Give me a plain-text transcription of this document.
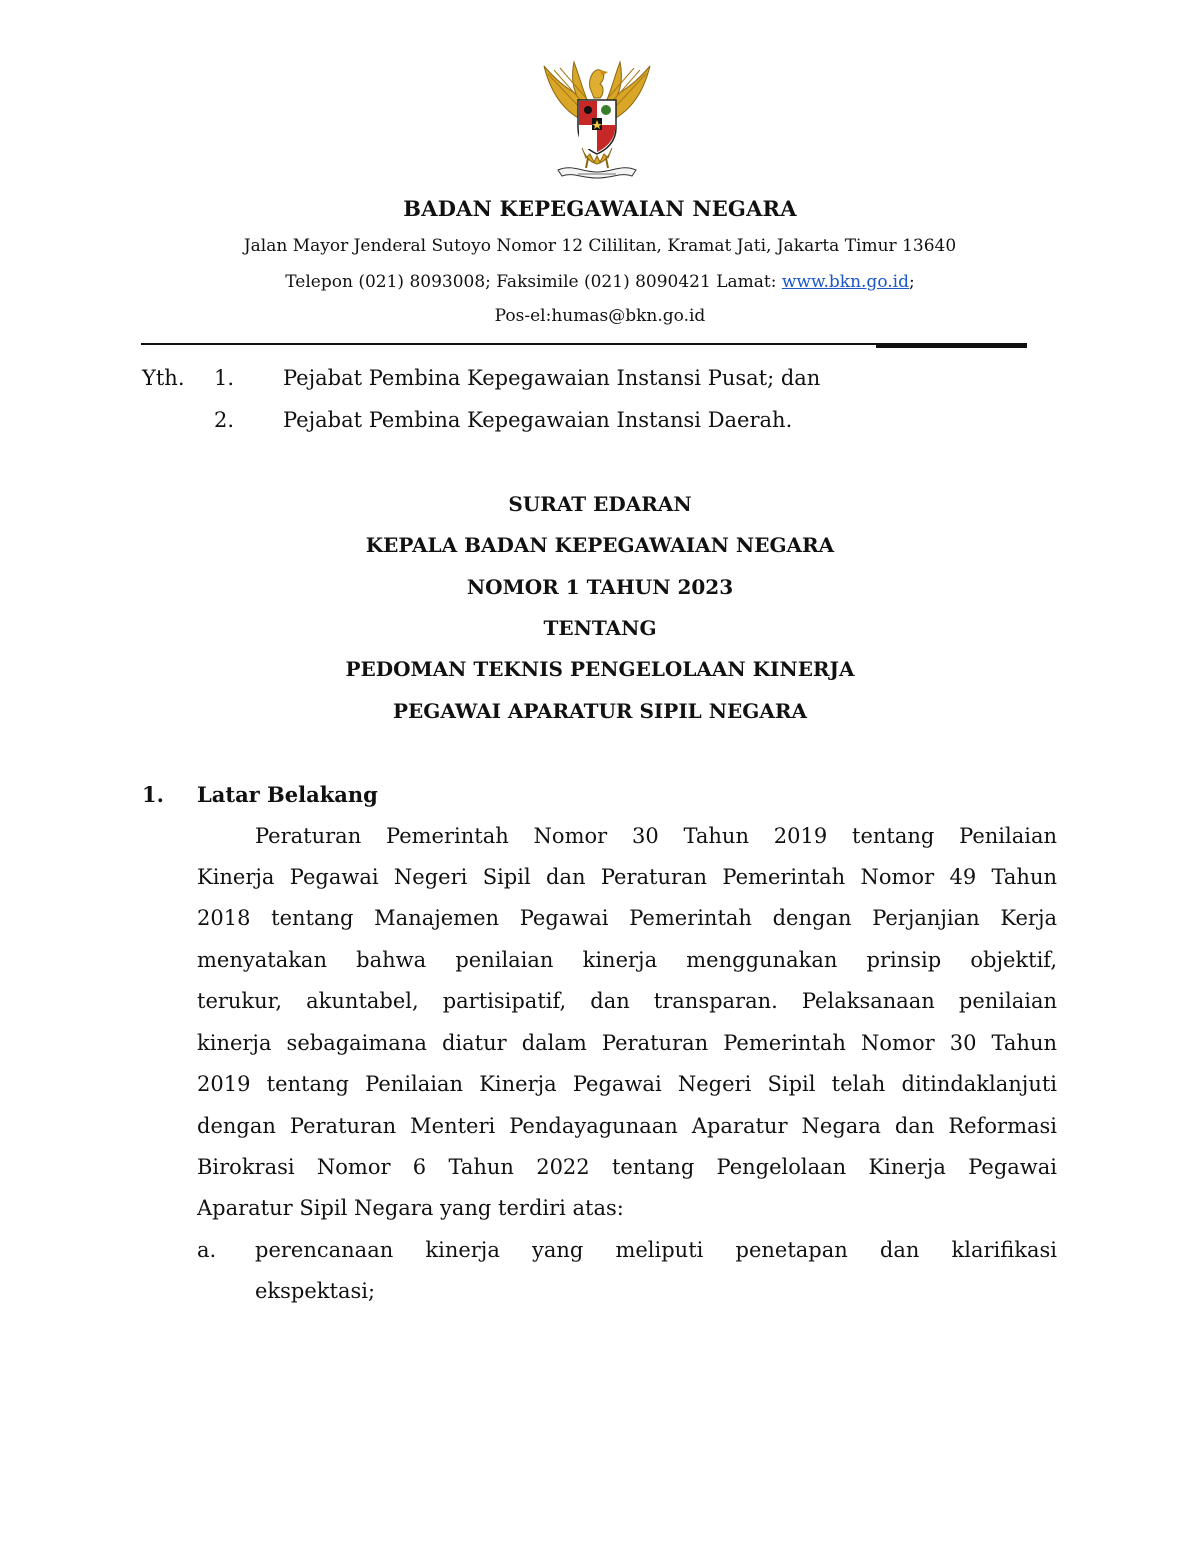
BADAN KEPEGAWAIAN NEGARA
Jalan Mayor Jenderal Sutoyo Nomor 12 Cililitan, Kramat Jati, Jakarta Timur 13640
Telepon (021) 8093008; Faksimile (021) 8090421 Lamat: www.bkn.go.id;
Pos-el:humas@bkn.go.id
Yth. 1. Pejabat Pembina Kepegawaian Instansi Pusat; dan
2. Pejabat Pembina Kepegawaian Instansi Daerah.
SURAT EDARAN
KEPALA BADAN KEPEGAWAIAN NEGARA
NOMOR 1 TAHUN 2023
TENTANG
PEDOMAN TEKNIS PENGELOLAAN KINERJA
PEGAWAI APARATUR SIPIL NEGARA
1. Latar Belakang
Peraturan Pemerintah Nomor 30 Tahun 2019 tentang Penilaian
Kinerja Pegawai Negeri Sipil dan Peraturan Pemerintah Nomor 49 Tahun
2018 tentang Manajemen Pegawai Pemerintah dengan Perjanjian Kerja
menyatakan bahwa penilaian kinerja menggunakan prinsip objektif,
terukur, akuntabel, partisipatif, dan transparan. Pelaksanaan penilaian
kinerja sebagaimana diatur dalam Peraturan Pemerintah Nomor 30 Tahun
2019 tentang Penilaian Kinerja Pegawai Negeri Sipil telah ditindaklanjuti
dengan Peraturan Menteri Pendayagunaan Aparatur Negara dan Reformasi
Birokrasi Nomor 6 Tahun 2022 tentang Pengelolaan Kinerja Pegawai
Aparatur Sipil Negara yang terdiri atas:
a. perencanaan kinerja yang meliputi penetapan dan klarifikasi
ekspektasi;
